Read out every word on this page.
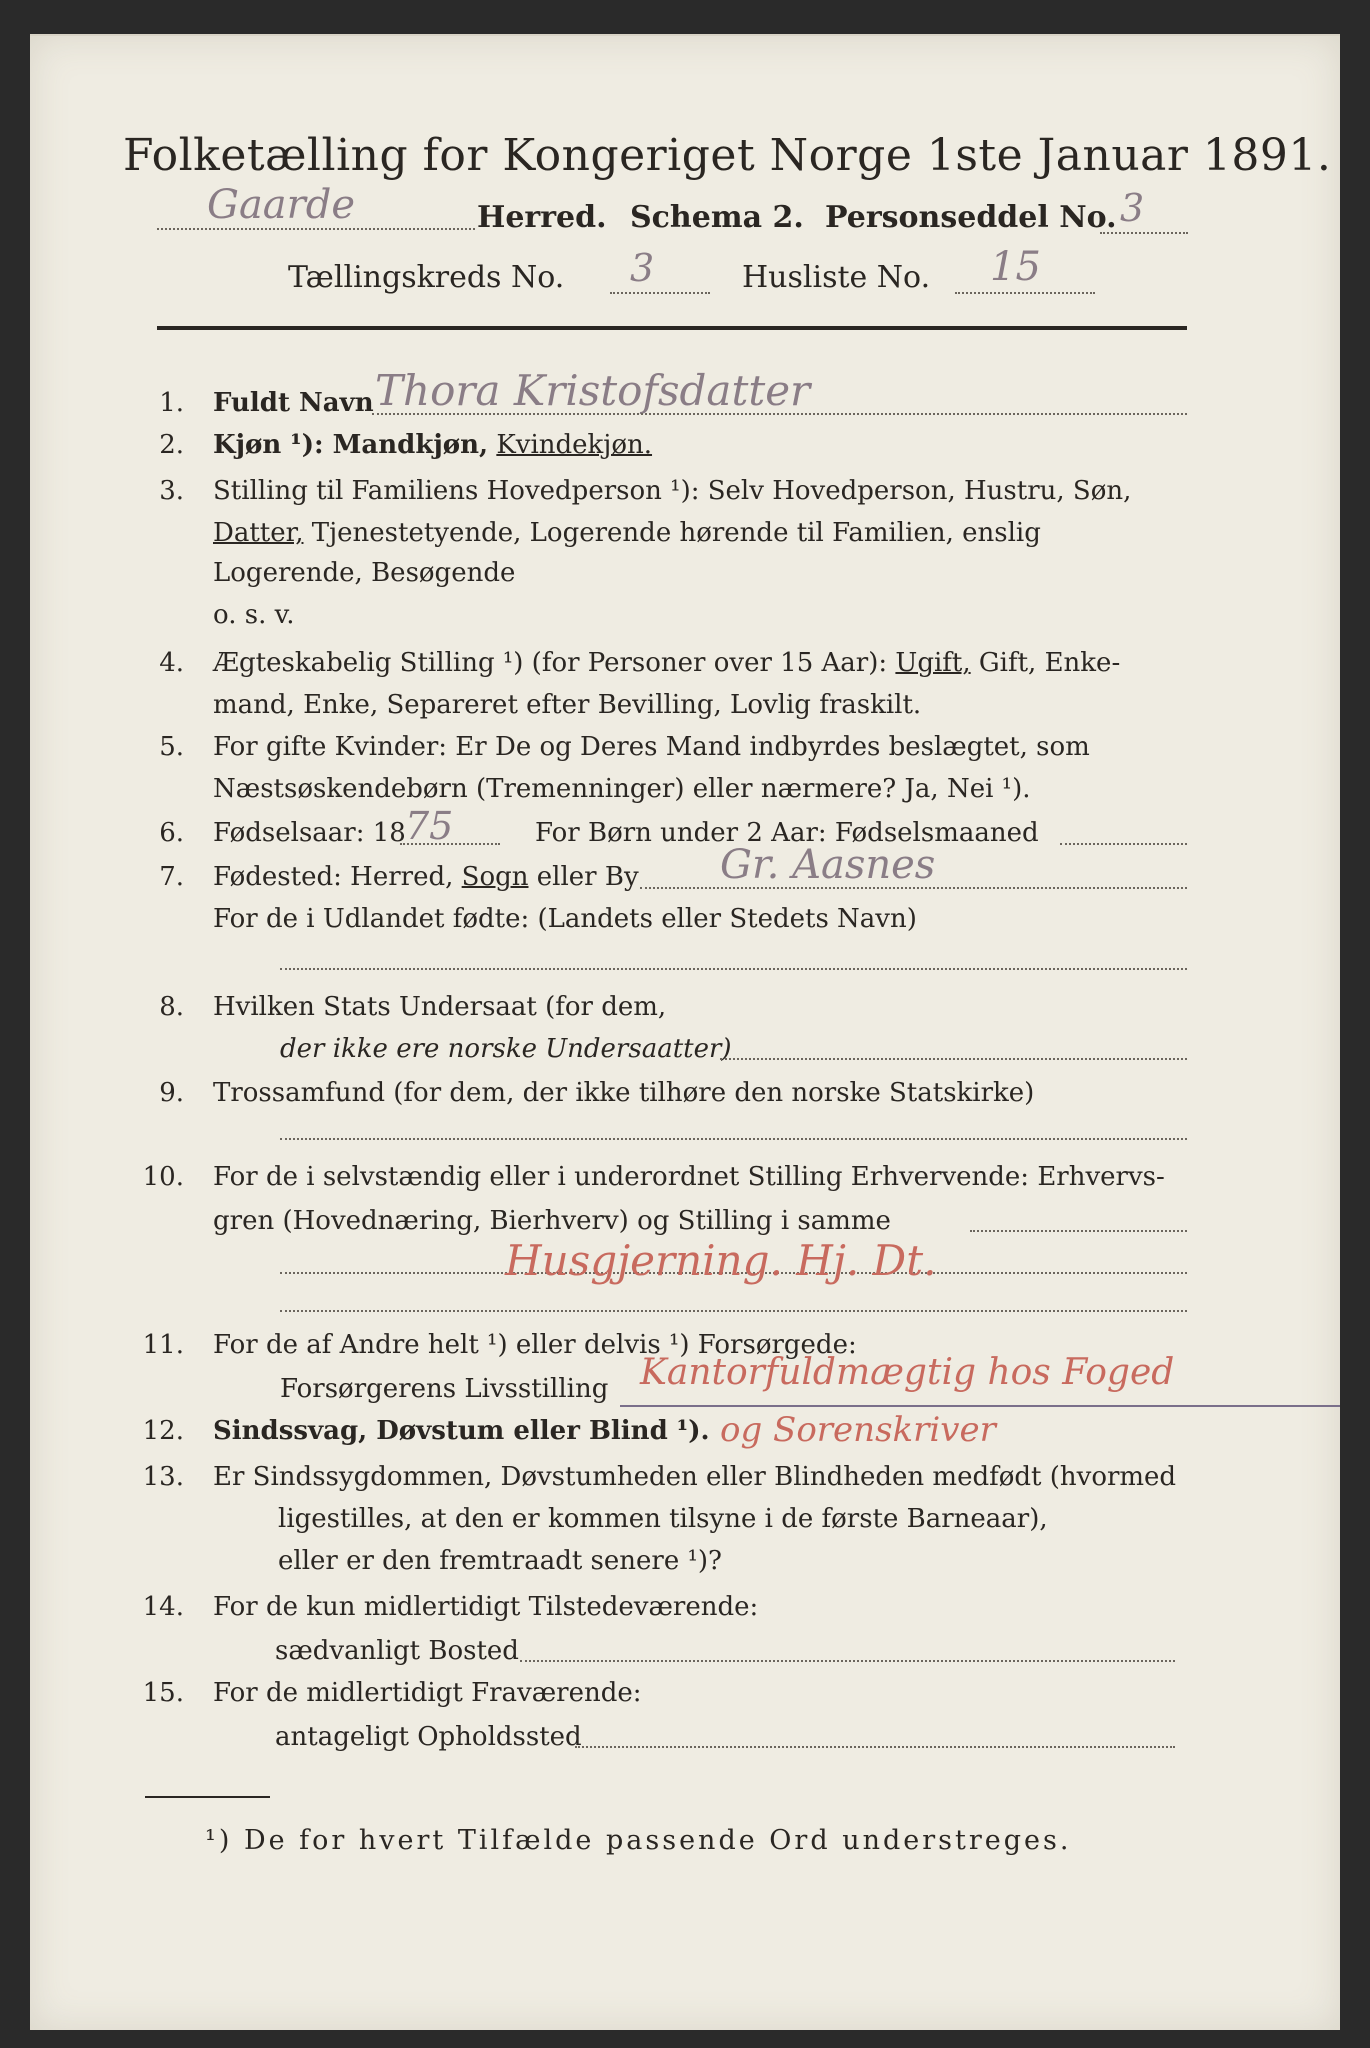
Folketælling for Kongeriget Norge 1ste Januar 1891.
Gaarde	Herred. Schema 2. Personseddel No. 3
Tællingskreds No. 3	Husliste No. 15
1. Fuldt Navn Thora Kristofsdatter
2. Kjøn ¹): Mandkjøn, Kvindekjøn.
3. Stilling til Familiens Hovedperson ¹): Selv Hovedperson, Hustru, Søn,
Datter, Tjenestetyende, Logerende hørende til Familien, enslig
Logerende, Besøgende
o. s. v.
4. Ægteskabelig Stilling ¹) (for Personer over 15 Aar): Ugift, Gift, Enke-
mand, Enke, Separeret efter Bevilling, Lovlig fraskilt.
5. For gifte Kvinder: Er De og Deres Mand indbyrdes beslægtet, som
Næstsøskendebørn (Tremenninger) eller nærmere? Ja, Nei ¹).
6. Fødselsaar: 18 75	For Børn under 2 Aar: Fødselsmaaned
7. Fødested: Herred, Sogn eller By Gr. Aasnes
For de i Udlandet fødte: (Landets eller Stedets Navn)
8. Hvilken Stats Undersaat (for dem,
der ikke ere norske Undersaatter)
9. Trossamfund (for dem, der ikke tilhøre den norske Statskirke)
10. For de i selvstændig eller i underordnet Stilling Erhvervende: Erhvervs-
gren (Hovednæring, Bierhverv) og Stilling i samme
Husgjerning. Hj. Dt.
11. For de af Andre helt ¹) eller delvis ¹) Forsørgede:
Forsørgerens Livsstilling Kantorfuldmægtig hos Foged
og Sorenskriver
12. Sindssvag, Døvstum eller Blind ¹).
13. Er Sindssygdommen, Døvstumheden eller Blindheden medfødt (hvormed
ligestilles, at den er kommen tilsyne i de første Barneaar),
eller er den fremtraadt senere ¹)?
14. For de kun midlertidigt Tilstedeværende:
sædvanligt Bosted
15. For de midlertidigt Fraværende:
antageligt Opholdssted
¹) De for hvert Tilfælde passende Ord understreges.
